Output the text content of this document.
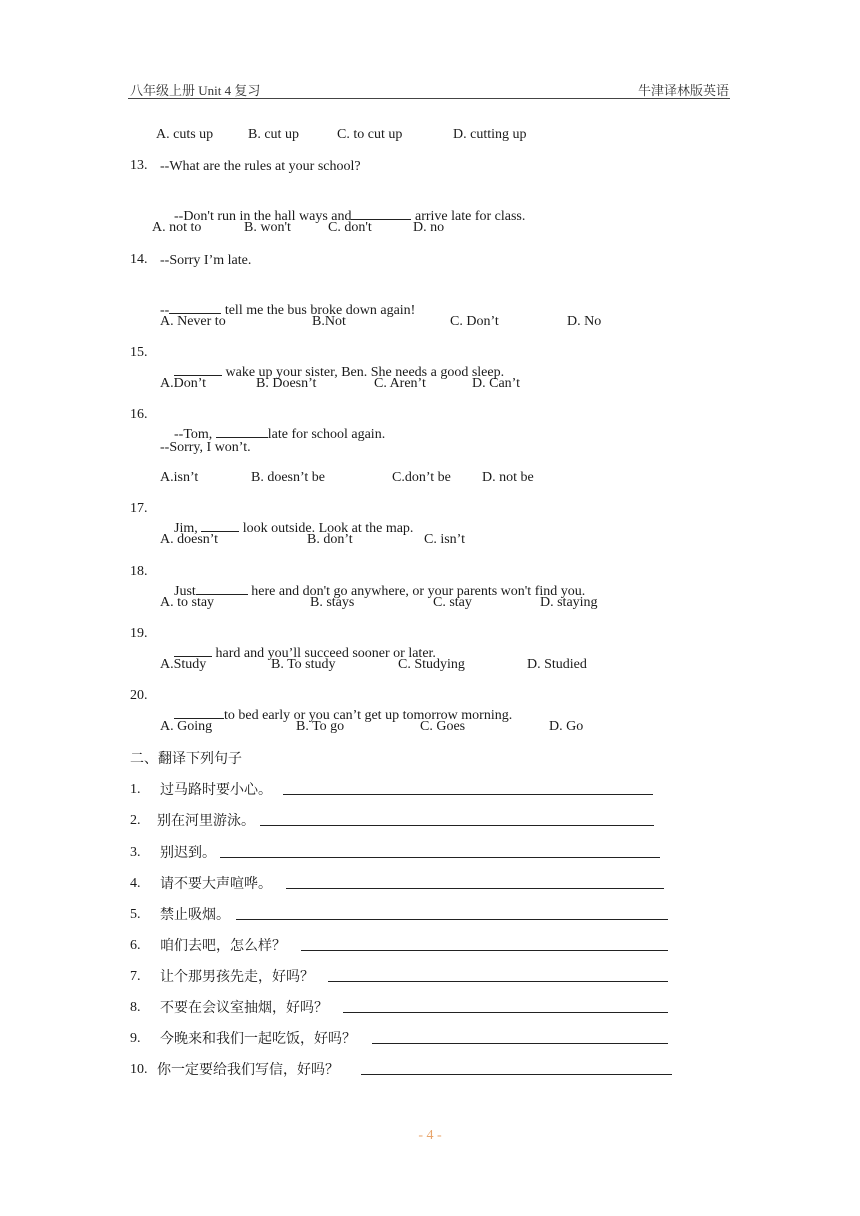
八年级上册 Unit 4 复习	牛津译林版英语
A. cuts up B. cut up	C. to cut up	D. cutting up
13. --What are the rules at your school?

--Don't run in the hall ways and	arrive late for class.

A. not to	B. won't	C. don't	D. no
14. --Sorry I’m late.

--	tell me the bus broke down again!

A. Never to	B.Not	C. Don’t	D. No
15.

wake up your sister, Ben. She needs a good sleep.

A.Don’t	B. Doesn’t	C. Aren’t	D. Can’t
16.

--Tom,	late for school again.

--Sorry, I won’t.
A.isn’t	B. doesn’t be	C.don’t be D. not be
17.

Jim,	look outside. Look at the map.

A. doesn’t	B. don’t	C. isn’t
18.

Just	here and don't go anywhere, or your parents won't find you.

A. to stay	B. stays	C. stay	D. staying
19.

hard and you’ll succeed sooner or later.

A.Study	B. To study	C. Studying	D. Studied
20.

to bed early or you can’t get up tomorrow morning.

A. Going	B. To go	C. Goes	D. Go
二、翻译下列句子
1. 过马路时要小心。
2. 别在河里游泳。
3. 别迟到。
4. 请不要大声喧哗。
5. 禁止吸烟。
6. 咱们去吧，怎么样？
7. 让个那男孩先走，好吗？
8. 不要在会议室抽烟，好吗？
9. 今晚来和我们一起吃饭，好吗？
10. 你一定要给我们写信，好吗？
- 4 -
